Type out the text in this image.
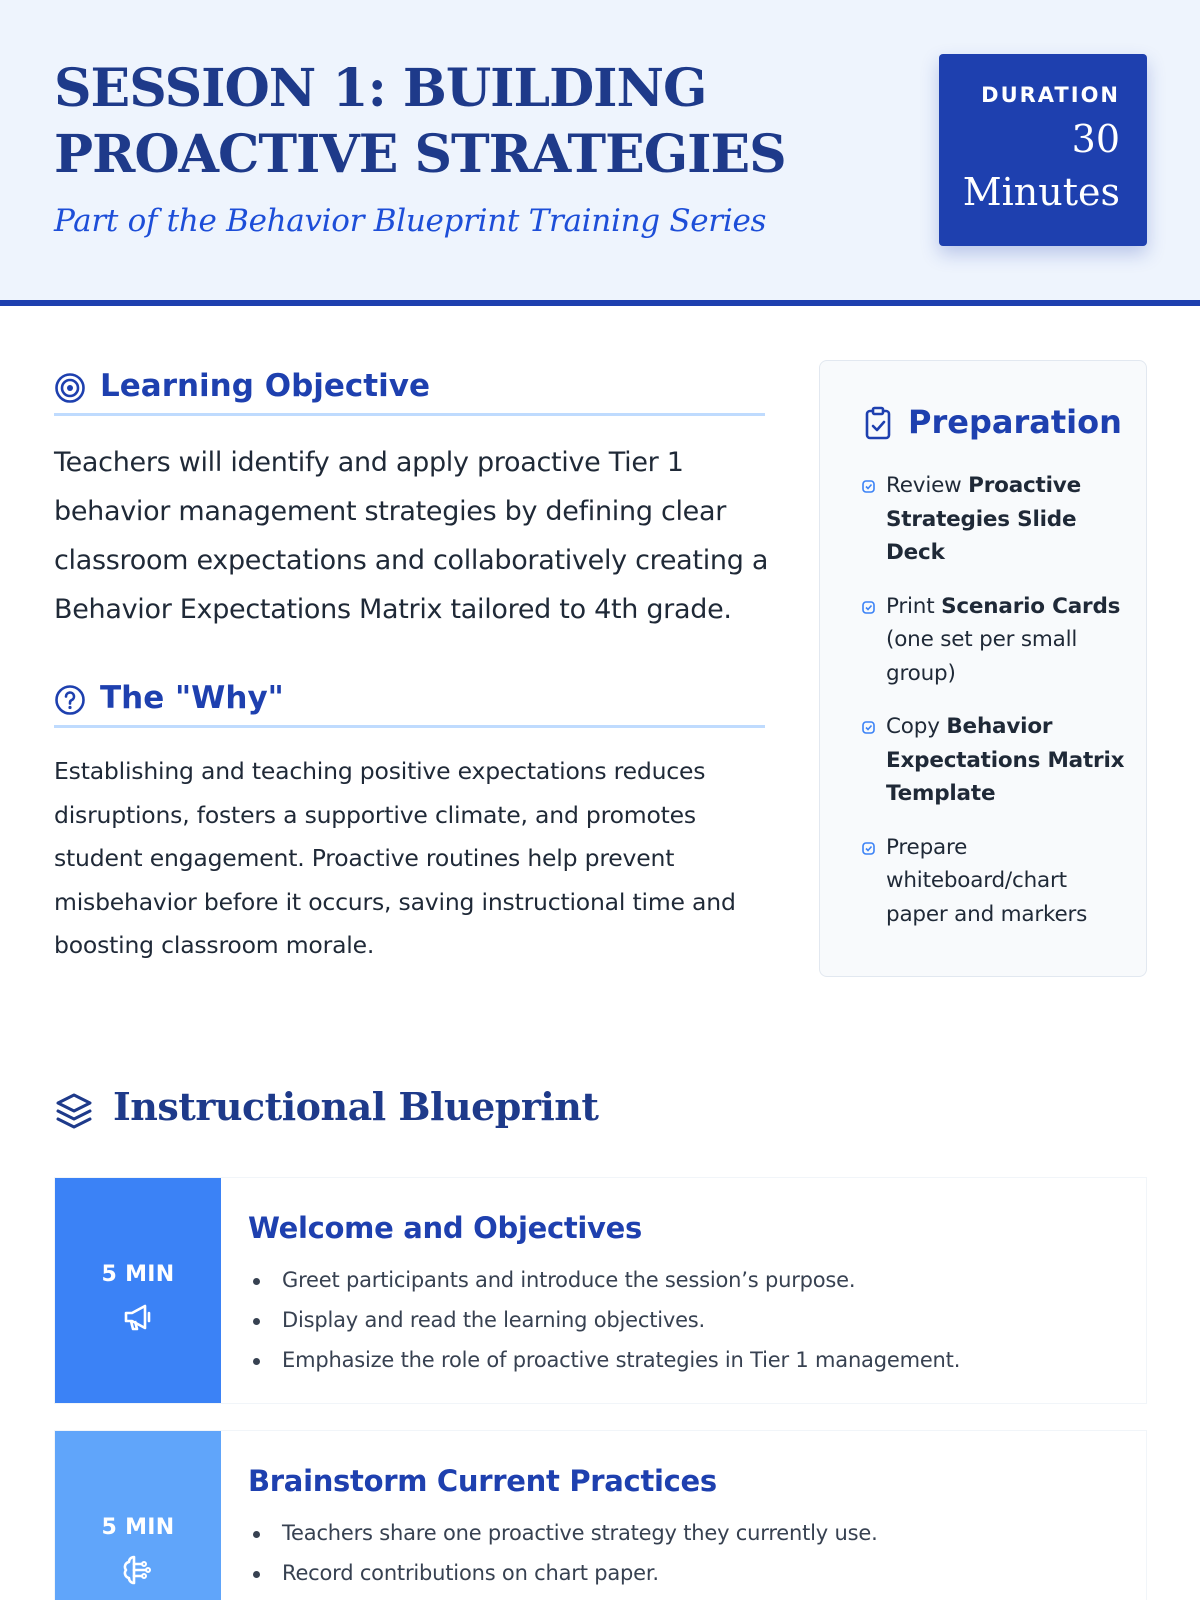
SESSION 1: BUILDING PROACTIVE STRATEGIES
Part of the Behavior Blueprint Training Series
DURATION
30 Minutes
Learning Objective

Teachers will identify and apply proactive Tier 1 behavior management strategies by defining clear classroom expectations and collaboratively creating a Behavior Expectations Matrix tailored to 4th grade.

The "Why"

Establishing and teaching positive expectations reduces disruptions, fosters a supportive climate, and promotes student engagement. Proactive routines help prevent misbehavior before it occurs, saving instructional time and boosting classroom morale.

Preparation
Review Proactive Strategies Slide Deck
Print Scenario Cards (one set per small group)
Copy Behavior Expectations Matrix Template
Prepare whiteboard/chart paper and markers
Instructional Blueprint
5 MIN
Welcome and Objectives
Greet participants and introduce the session’s purpose.
Display and read the learning objectives.
Emphasize the role of proactive strategies in Tier 1 management.
5 MIN
Brainstorm Current Practices
Teachers share one proactive strategy they currently use.
Record contributions on chart paper.
